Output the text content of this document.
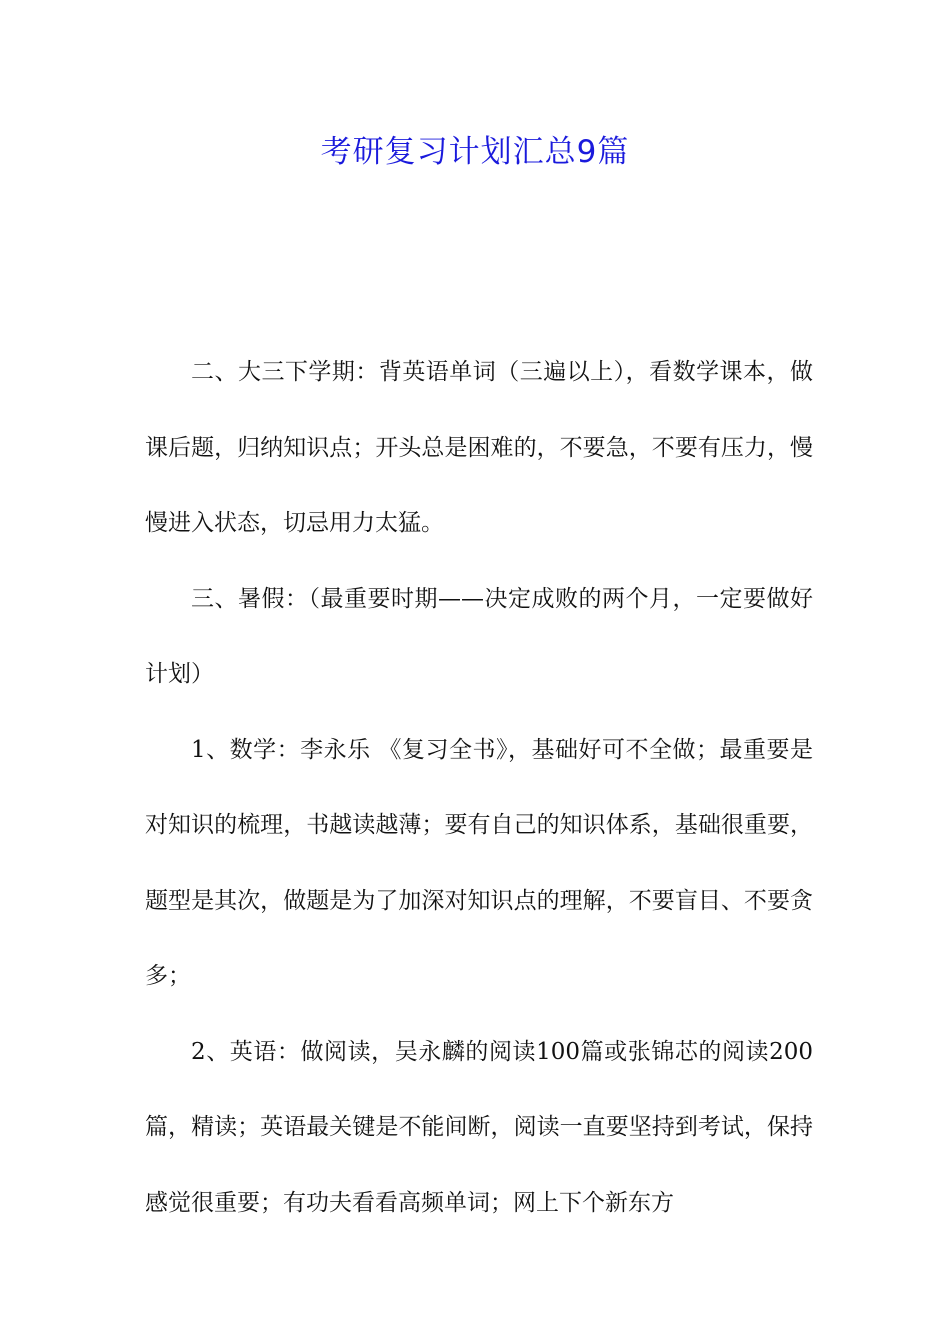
考研复习计划汇总9篇

二、大三下学期：背英语单词（三遍以上），看数学课本，做课后题，归纳知识点；开头总是困难的，不要急，不要有压力，慢慢进入状态，切忌用力太猛。

三、暑假：（最重要时期——决定成败的两个月，一定要做好计划）

1、数学：李永乐 《复习全书》，基础好可不全做；最重要是对知识的梳理，书越读越薄；要有自己的知识体系，基础很重要，题型是其次，做题是为了加深对知识点的理解，不要盲目、不要贪多；

2、英语：做阅读，吴永麟的阅读100篇或张锦芯的阅读200篇，精读；英语最关键是不能间断，阅读一直要坚持到考试，保持感觉很重要；有功夫看看高频单词；网上下个新东方
